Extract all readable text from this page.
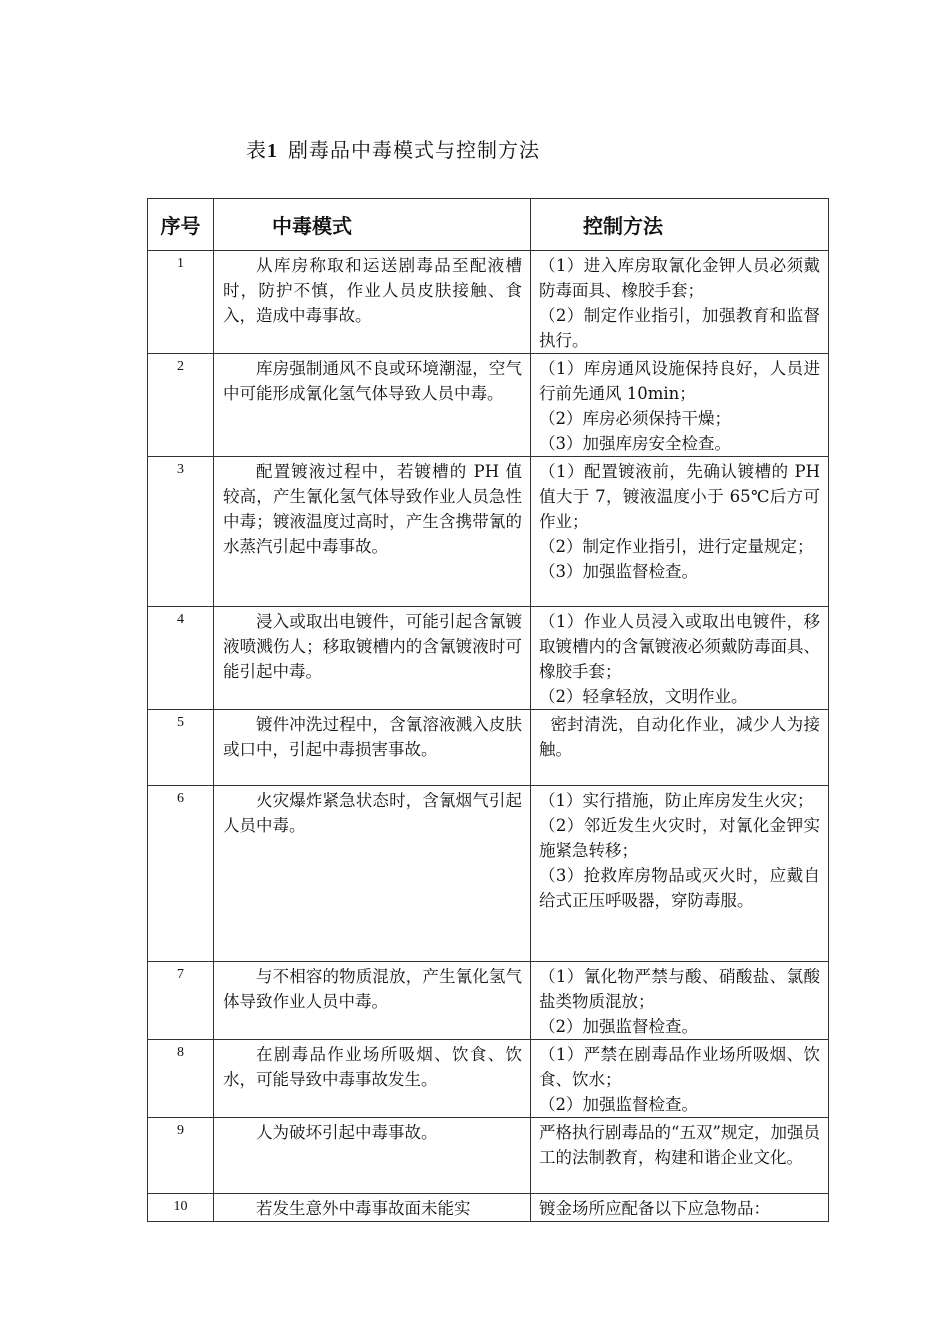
表1 剧毒品中毒模式与控制方法
序号	中毒模式	控制方法
1	从库房称取和运送剧毒品至配液槽时，防护不慎，作业人员皮肤接触、食入，造成中毒事故。	（1）进入库房取氰化金钾人员必须戴防毒面具、橡胶手套；
（2）制定作业指引，加强教育和监督执行。

2	库房强制通风不良或环境潮湿，空气中可能形成氰化氢气体导致人员中毒。	（1）库房通风设施保持良好，人员进行前先通风 10min；
（2）库房必须保持干燥；
（3）加强库房安全检查。

3	配置镀液过程中，若镀槽的 PH 值较高，产生氰化氢气体导致作业人员急性中毒；镀液温度过高时，产生含携带氰的水蒸汽引起中毒事故。	（1）配置镀液前，先确认镀槽的 PH 值大于 7，镀液温度小于 65℃后方可作业；
（2）制定作业指引，进行定量规定；
（3）加强监督检查。

4	浸入或取出电镀件，可能引起含氰镀液喷溅伤人；移取镀槽内的含氰镀液时可能引起中毒。	（1）作业人员浸入或取出电镀件，移取镀槽内的含氰镀液必须戴防毒面具、橡胶手套；
（2）轻拿轻放，文明作业。

5	镀件冲洗过程中，含氰溶液溅入皮肤或口中，引起中毒损害事故。	密封清洗，自动化作业，减少人为接触。

6	火灾爆炸紧急状态时，含氰烟气引起人员中毒。	（1）实行措施，防止库房发生火灾；
（2）邻近发生火灾时，对氰化金钾实施紧急转移；
（3）抢救库房物品或灭火时，应戴自给式正压呼吸器，穿防毒服。

7	与不相容的物质混放，产生氰化氢气体导致作业人员中毒。	（1）氰化物严禁与酸、硝酸盐、氯酸盐类物质混放；
（2）加强监督检查。

8	在剧毒品作业场所吸烟、饮食、饮水，可能导致中毒事故发生。	（1）严禁在剧毒品作业场所吸烟、饮食、饮水；
（2）加强监督检查。

9	人为破坏引起中毒事故。	严格执行剧毒品的“五双”规定，加强员工的法制教育，构建和谐企业文化。

10	若发生意外中毒事故面未能实	镀金场所应配备以下应急物品：
